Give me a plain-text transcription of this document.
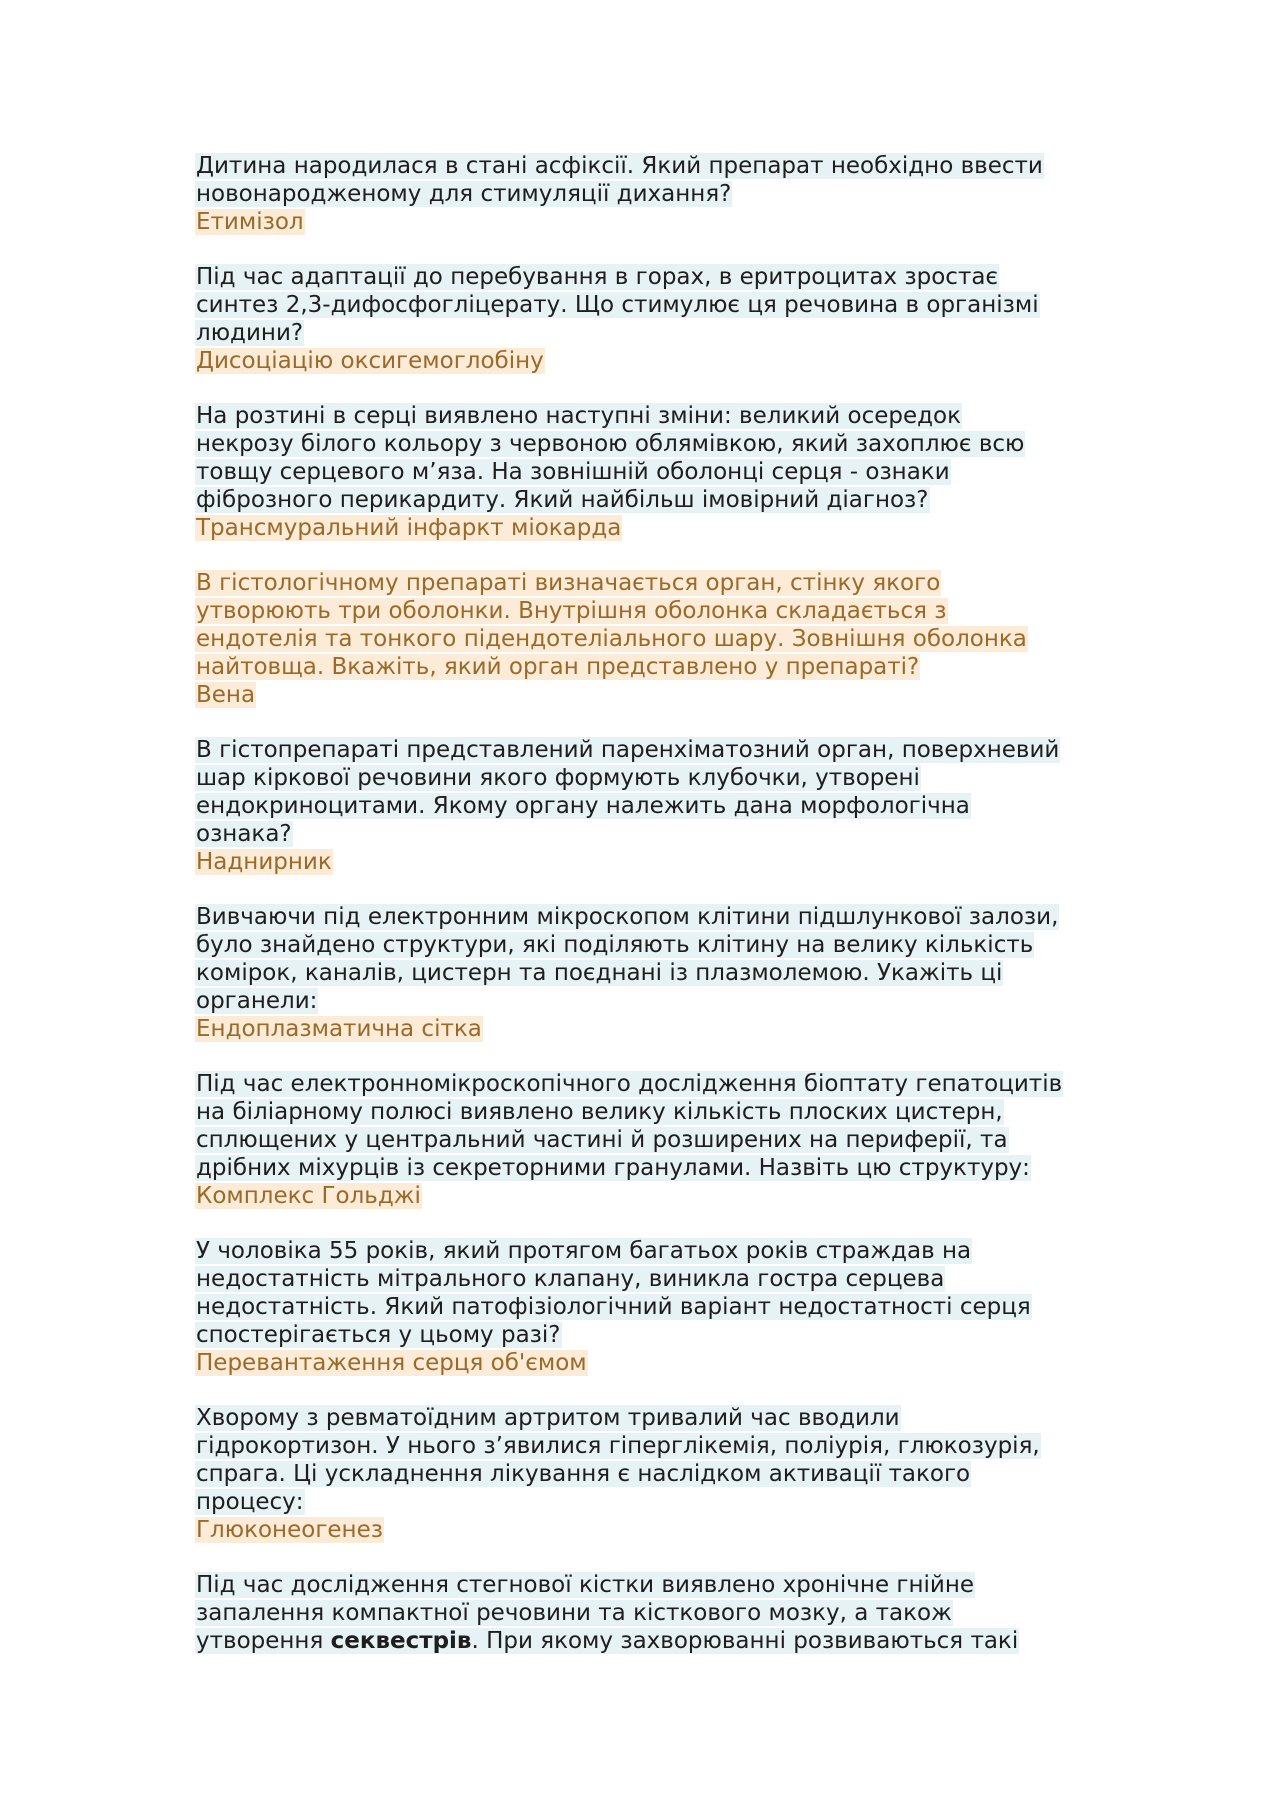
Дитина народилася в стані асфіксії. Який препарат необхідно ввести
новонародженому для стимуляції дихання?
Етимізол
Під час адаптації до перебування в горах, в еритроцитах зростає
синтез 2,3-дифосфогліцерату. Що стимулює ця речовина в організмі
людини?
Дисоціацію оксигемоглобіну
На розтині в серці виявлено наступні зміни: великий осередок
некрозу білого кольору з червоною облямівкою, який захоплює всю
товщу серцевого м’яза. На зовнішній оболонці серця - ознаки
фіброзного перикардиту. Який найбільш імовірний діагноз?
Трансмуральний інфаркт міокарда
В гістологічному препараті визначається орган, стінку якого
утворюють три оболонки. Внутрішня оболонка складається з
ендотелія та тонкого підендотеліального шару. Зовнішня оболонка
найтовща. Вкажіть, який орган представлено у препараті?
Вена
В гістопрепараті представлений паренхіматозний орган, поверхневий
шар кіркової речовини якого формують клубочки, утворені
ендокриноцитами. Якому органу належить дана морфологічна
ознака?
Наднирник
Вивчаючи під електронним мікроскопом клітини підшлункової залози,
було знайдено структури, які поділяють клітину на велику кількість
комірок, каналів, цистерн та поєднані із плазмолемою. Укажіть ці
органели:
Ендоплазматична сітка
Під час електронномікроскопічного дослідження біоптату гепатоцитів
на біліарному полюсі виявлено велику кількість плоских цистерн,
сплющених у центральний частині й розширених на периферії, та
дрібних міхурців із секреторними гранулами. Назвіть цю структуру:
Комплекс Гольджі
У чоловіка 55 років, який протягом багатьох років страждав на
недостатність мітрального клапану, виникла гостра серцева
недостатність. Який патофізіологічний варіант недостатності серця
спостерігається у цьому разі?
Перевантаження серця об'ємом
Хворому з ревматоїдним артритом тривалий час вводили
гідрокортизон. У нього з’явилися гіперглікемія, поліурія, глюкозурія,
спрага. Ці ускладнення лікування є наслідком активації такого
процесу:
Глюконеогенез
Під час дослідження стегнової кістки виявлено хронічне гнійне
запалення компактної речовини та кісткового мозку, а також
утворення секвестрів. При якому захворюванні розвиваються такі
